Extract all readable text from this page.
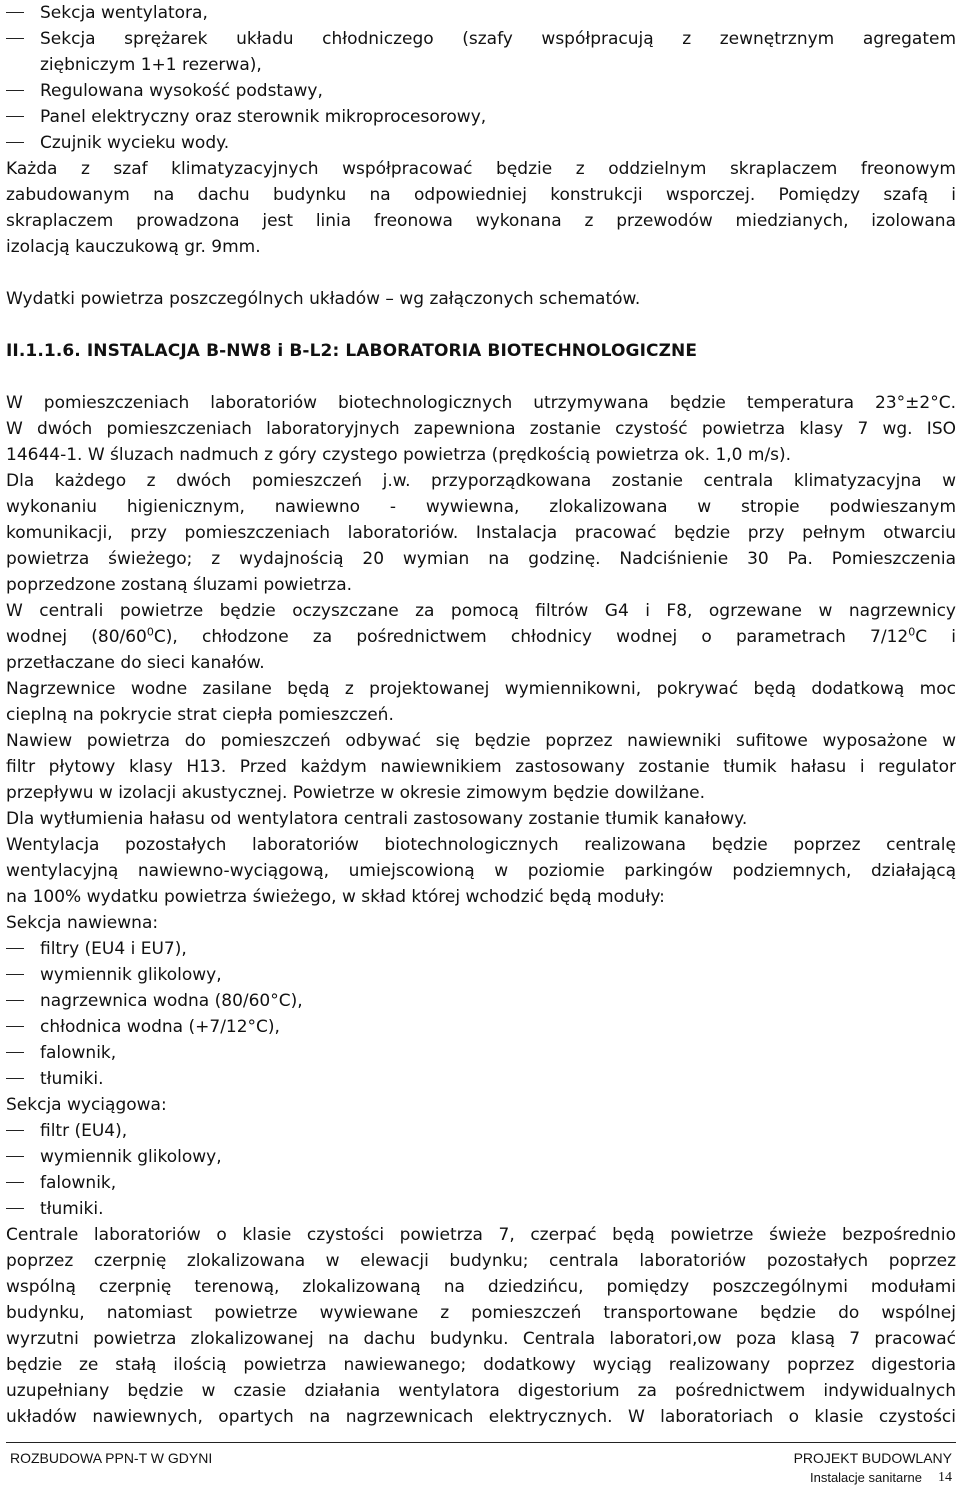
Sekcja wentylatora,
Sekcja sprężarek układu chłodniczego (szafy współpracują z zewnętrznym agregatem
ziębniczym 1+1 rezerwa),
Regulowana wysokość podstawy,
Panel elektryczny oraz sterownik mikroprocesorowy,
Czujnik wycieku wody.
Każda z szaf klimatyzacyjnych współpracować będzie z oddzielnym skraplaczem freonowym
zabudowanym na dachu budynku na odpowiedniej konstrukcji wsporczej. Pomiędzy szafą i
skraplaczem prowadzona jest linia freonowa wykonana z przewodów miedzianych, izolowana
izolacją kauczukową gr. 9mm.
Wydatki powietrza poszczególnych układów – wg załączonych schematów.
II.1.1.6. INSTALACJA B-NW8 i B-L2: LABORATORIA BIOTECHNOLOGICZNE
W pomieszczeniach laboratoriów biotechnologicznych utrzymywana będzie temperatura 23°±2°C.
W dwóch pomieszczeniach laboratoryjnych zapewniona zostanie czystość powietrza klasy 7 wg. ISO
14644-1. W śluzach nadmuch z góry czystego powietrza (prędkością powietrza ok. 1,0 m/s).
Dla każdego z dwóch pomieszczeń j.w. przyporządkowana zostanie centrala klimatyzacyjna w
wykonaniu higienicznym, nawiewno - wywiewna, zlokalizowana w stropie podwieszanym
komunikacji, przy pomieszczeniach laboratoriów. Instalacja pracować będzie przy pełnym otwarciu
powietrza świeżego; z wydajnością 20 wymian na godzinę. Nadciśnienie 30 Pa. Pomieszczenia
poprzedzone zostaną śluzami powietrza.
W centrali powietrze będzie oczyszczane za pomocą filtrów G4 i F8, ogrzewane w nagrzewnicy
wodnej $(80/60^0C)$, chłodzone za pośrednictwem chłodnicy wodnej o parametrach $7/12^0C$ i
przetłaczane do sieci kanałów.
Nagrzewnice wodne zasilane będą z projektowanej wymiennikowni, pokrywać będą dodatkową moc
cieplną na pokrycie strat ciepła pomieszczeń.
Nawiew powietrza do pomieszczeń odbywać się będzie poprzez nawiewniki sufitowe wyposażone w
filtr płytowy klasy H13. Przed każdym nawiewnikiem zastosowany zostanie tłumik hałasu i regulator
przepływu w izolacji akustycznej. Powietrze w okresie zimowym będzie dowilżane.
Dla wytłumienia hałasu od wentylatora centrali zastosowany zostanie tłumik kanałowy.
Wentylacja pozostałych laboratoriów biotechnologicznych realizowana będzie poprzez centralę
wentylacyjną nawiewno-wyciągową, umiejscowioną w poziomie parkingów podziemnych, działającą
na 100% wydatku powietrza świeżego, w skład której wchodzić będą moduły:
Sekcja nawiewna:
filtry (EU4 i EU7),
wymiennik glikolowy,
nagrzewnica wodna (80/60°C),
chłodnica wodna (+7/12°C),
falownik,
tłumiki.
Sekcja wyciągowa:
filtr (EU4),
wymiennik glikolowy,
falownik,
tłumiki.
Centrale laboratoriów o klasie czystości powietrza 7, czerpać będą powietrze świeże bezpośrednio
poprzez czerpnię zlokalizowana w elewacji budynku; centrala laboratoriów pozostałych poprzez
wspólną czerpnię terenową, zlokalizowaną na dziedzińcu, pomiędzy poszczególnymi modułami
budynku, natomiast powietrze wywiewane z pomieszczeń transportowane będzie do wspólnej
wyrzutni powietrza zlokalizowanej na dachu budynku. Centrala laboratori,ow poza klasą 7 pracować
będzie ze stałą ilością powietrza nawiewanego; dodatkowy wyciąg realizowany poprzez digestoria
uzupełniany będzie w czasie działania wentylatora digestorium za pośrednictwem indywidualnych
układów nawiewnych, opartych na nagrzewnicach elektrycznych. W laboratoriach o klasie czystości
ROZBUDOWA PPN-T W GDYNI	PROJEKT BUDOWLANY
Instalacje sanitarne 14
